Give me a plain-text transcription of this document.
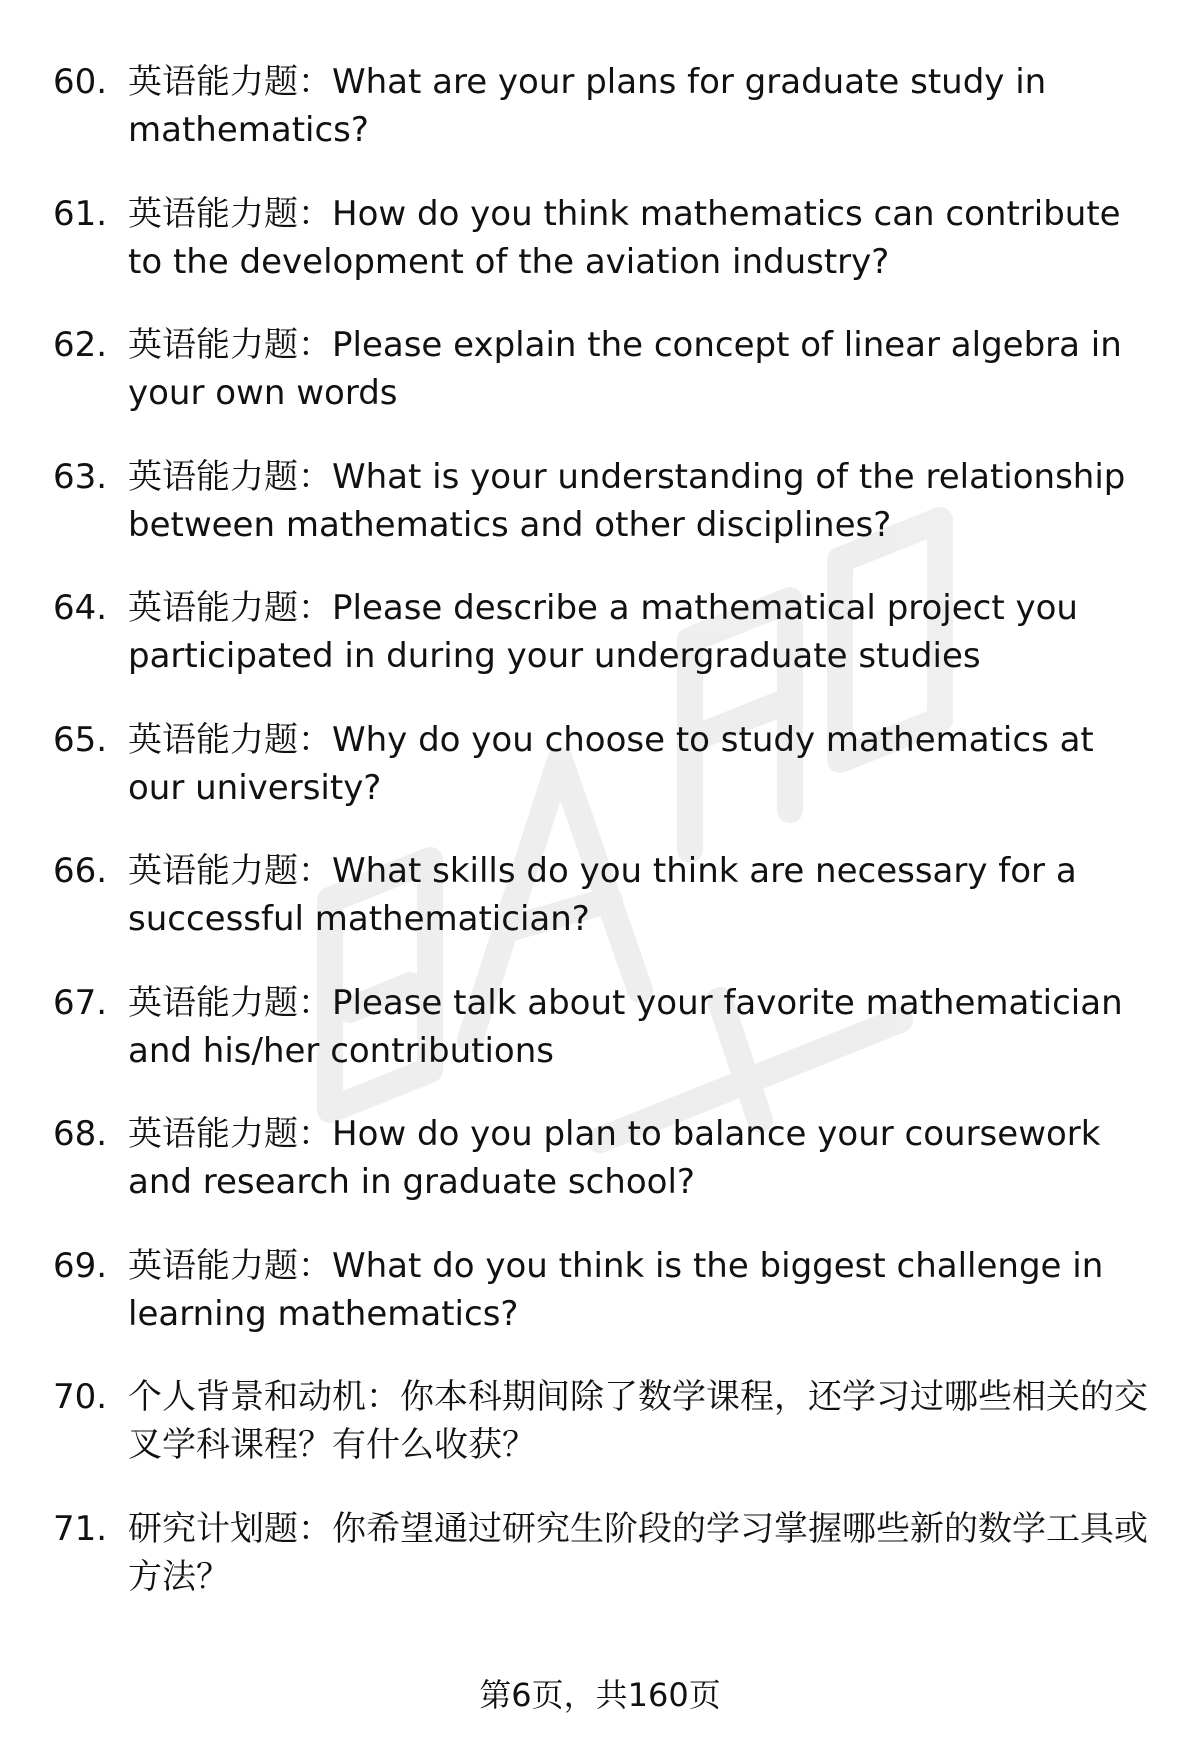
60. 英语能力题：What are your plans for graduate study in mathematics?
61. 英语能力题：How do you think mathematics can contribute to the development of the aviation industry?
62. 英语能力题：Please explain the concept of linear algebra in your own words
63. 英语能力题：What is your understanding of the relationship between mathematics and other disciplines?
64. 英语能力题：Please describe a mathematical project you participated in during your undergraduate studies
65. 英语能力题：Why do you choose to study mathematics at our university?
66. 英语能力题：What skills do you think are necessary for a successful mathematician?
67. 英语能力题：Please talk about your favorite mathematician and his/her contributions
68. 英语能力题：How do you plan to balance your coursework and research in graduate school?
69. 英语能力题：What do you think is the biggest challenge in learning mathematics?
70. 个人背景和动机：你本科期间除了数学课程，还学习过哪些相关的交叉学科课程？有什么收获？
71. 研究计划题：你希望通过研究生阶段的学习掌握哪些新的数学工具或方法？
第6页，共160页
